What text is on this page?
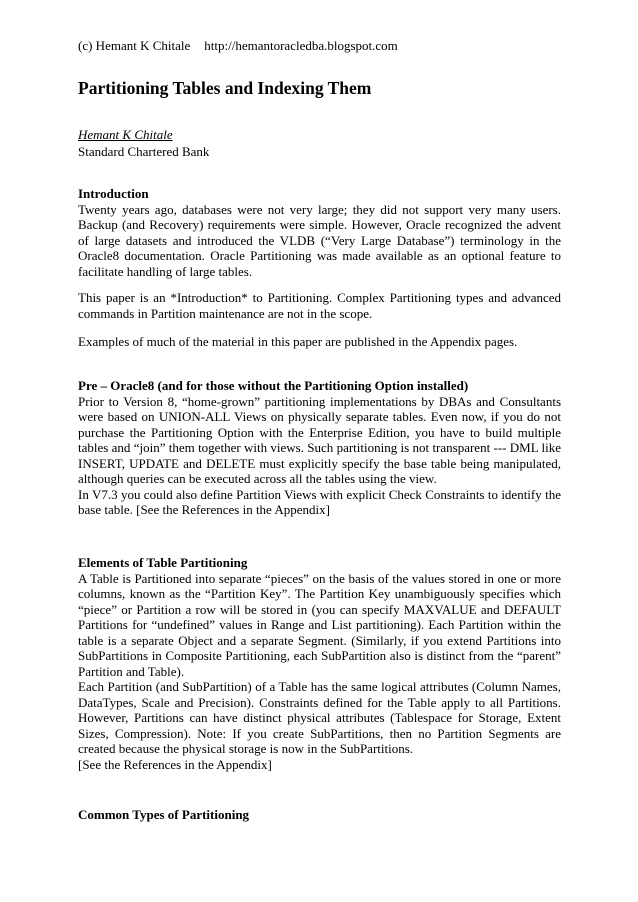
(c) Hemant K Chitale http://hemantoracledba.blogspot.com
Partitioning Tables and Indexing Them
Hemant K Chitale
Standard Chartered Bank
Introduction

Twenty years ago, databases were not very large; they did not support very many users. Backup (and Recovery) requirements were simple. However, Oracle recognized the advent of large datasets and introduced the VLDB (“Very Large Database”) terminology in the Oracle8 documentation. Oracle Partitioning was made available as an optional feature to facilitate handling of large tables.

This paper is an *Introduction* to Partitioning. Complex Partitioning types and advanced commands in Partition maintenance are not in the scope.

Examples of much of the material in this paper are published in the Appendix pages.

Pre – Oracle8 (and for those without the Partitioning Option installed)

Prior to Version 8, “home-grown” partitioning implementations by DBAs and Consultants were based on UNION-ALL Views on physically separate tables. Even now, if you do not purchase the Partitioning Option with the Enterprise Edition, you have to build multiple tables and “join” them together with views. Such partitioning is not transparent --- DML like INSERT, UPDATE and DELETE must explicitly specify the base table being manipulated, although queries can be executed across all the tables using the view.

In V7.3 you could also define Partition Views with explicit Check Constraints to identify the base table. [See the References in the Appendix]

Elements of Table Partitioning

A Table is Partitioned into separate “pieces” on the basis of the values stored in one or more columns, known as the “Partition Key”. The Partition Key unambiguously specifies which “piece” or Partition a row will be stored in (you can specify MAXVALUE and DEFAULT Partitions for “undefined” values in Range and List partitioning). Each Partition within the table is a separate Object and a separate Segment. (Similarly, if you extend Partitions into SubPartitions in Composite Partitioning, each SubPartition also is distinct from the “parent” Partition and Table).

Each Partition (and SubPartition) of a Table has the same logical attributes (Column Names, DataTypes, Scale and Precision). Constraints defined for the Table apply to all Partitions. However, Partitions can have distinct physical attributes (Tablespace for Storage, Extent Sizes, Compression). Note: If you create SubPartitions, then no Partition Segments are created because the physical storage is now in the SubPartitions.

[See the References in the Appendix]

Common Types of Partitioning
